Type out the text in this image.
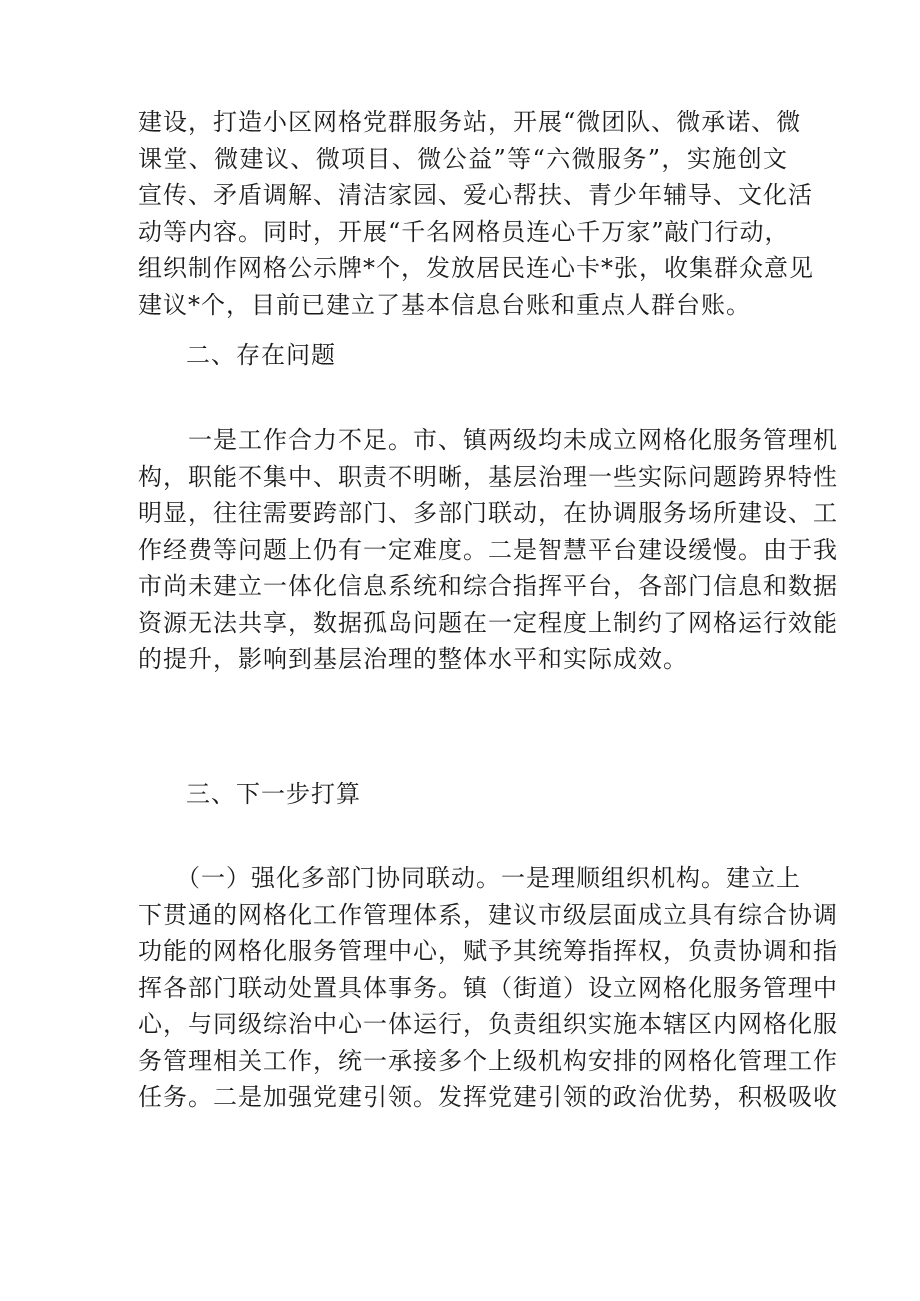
建设，打造小区网格党群服务站，开展“微团队、微承诺、微
课堂、微建议、微项目、微公益”等“六微服务”，实施创文
宣传、矛盾调解、清洁家园、爱心帮扶、青少年辅导、文化活
动等内容。同时，开展“千名网格员连心千万家”敲门行动，
组织制作网格公示牌*个，发放居民连心卡*张，收集群众意见
建议*个，目前已建立了基本信息台账和重点人群台账。
二、存在问题
　　一是工作合力不足。市、镇两级均未成立网格化服务管理机
构，职能不集中、职责不明晰，基层治理一些实际问题跨界特性
明显，往往需要跨部门、多部门联动，在协调服务场所建设、工
作经费等问题上仍有一定难度。二是智慧平台建设缓慢。由于我
市尚未建立一体化信息系统和综合指挥平台，各部门信息和数据
资源无法共享，数据孤岛问题在一定程度上制约了网格运行效能
的提升，影响到基层治理的整体水平和实际成效。
三、下一步打算
　　（一）强化多部门协同联动。一是理顺组织机构。建立上
下贯通的网格化工作管理体系，建议市级层面成立具有综合协调
功能的网格化服务管理中心，赋予其统筹指挥权，负责协调和指
挥各部门联动处置具体事务。镇（街道）设立网格化服务管理中
心，与同级综治中心一体运行，负责组织实施本辖区内网格化服
务管理相关工作，统一承接多个上级机构安排的网格化管理工作
任务。二是加强党建引领。发挥党建引领的政治优势，积极吸收
